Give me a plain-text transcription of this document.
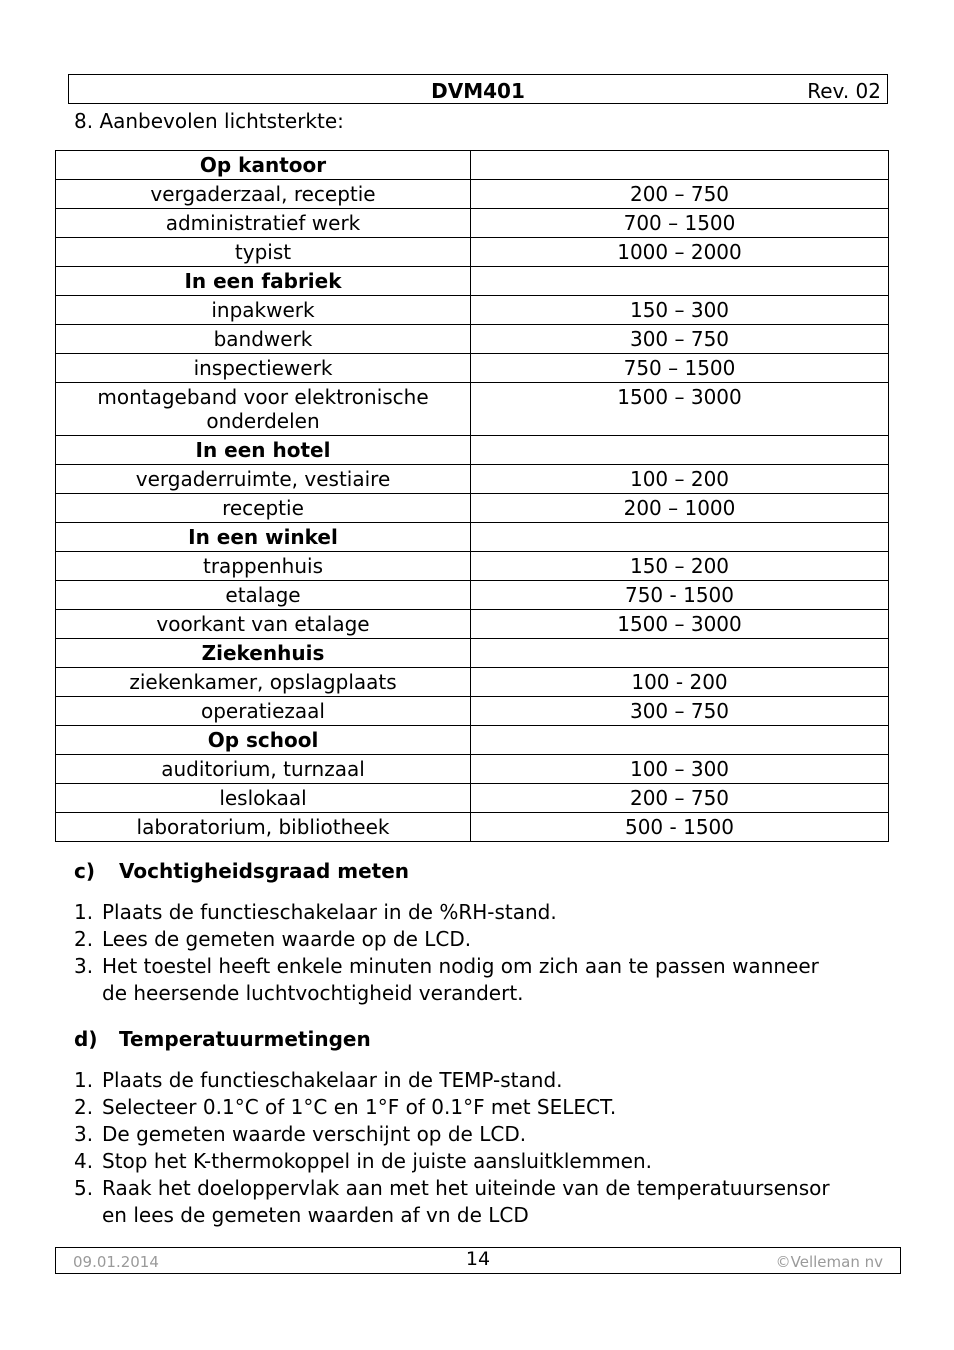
DVM401	Rev. 02
8. Aanbevolen lichtsterkte:
Op kantoor	
vergaderzaal, receptie	200 – 750
administratief werk	700 – 1500
typist	1000 – 2000
In een fabriek	
inpakwerk	150 – 300
bandwerk	300 – 750
inspectiewerk	750 – 1500
montageband voor elektronische onderdelen	1500 – 3000
In een hotel	
vergaderruimte, vestiaire	100 – 200
receptie	200 – 1000
In een winkel	
trappenhuis	150 – 200
etalage	750 - 1500
voorkant van etalage	1500 – 3000
Ziekenhuis	
ziekenkamer, opslagplaats	100 - 200
operatiezaal	300 – 750
Op school	
auditorium, turnzaal	100 – 300
leslokaal	200 – 750
laboratorium, bibliotheek	500 - 1500
c) Vochtigheidsgraad meten
1. Plaats de functieschakelaar in de %RH-stand.
2. Lees de gemeten waarde op de LCD.
3. Het toestel heeft enkele minuten nodig om zich aan te passen wanneer de heersende luchtvochtigheid verandert.
d) Temperatuurmetingen
1. Plaats de functieschakelaar in de TEMP-stand.
2. Selecteer 0.1°C of 1°C en 1°F of 0.1°F met SELECT.
3. De gemeten waarde verschijnt op de LCD.
4. Stop het K-thermokoppel in de juiste aansluitklemmen.
5. Raak het doeloppervlak aan met het uiteinde van de temperatuursensor en lees de gemeten waarden af vn de LCD
09.01.2014	14	©Velleman nv
